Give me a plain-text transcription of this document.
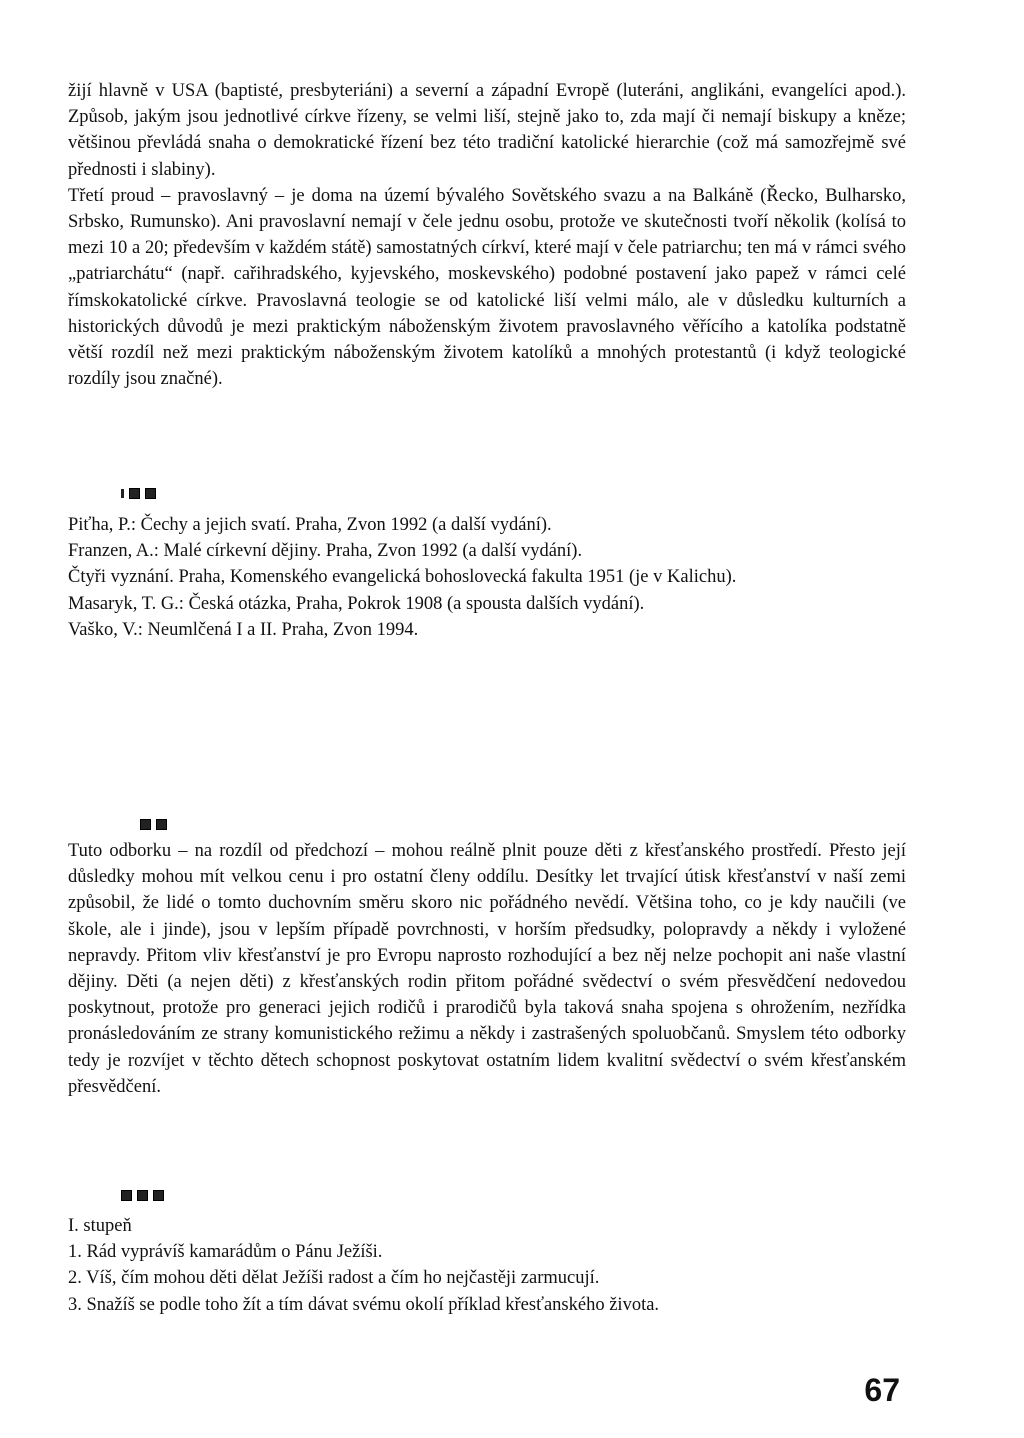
žijí hlavně v USA (baptisté, presbyteriáni) a severní a západní Evropě (luteráni, anglikáni, evangelíci apod.). Způsob, jakým jsou jednotlivé církve řízeny, se velmi liší, stejně jako to, zda mají či nemají biskupy a kněze; většinou převládá snaha o demokratické řízení bez této tradiční katolické hierarchie (což má samozřejmě své přednosti i slabiny).

Třetí proud – pravoslavný – je doma na území bývalého Sovětského svazu a na Balkáně (Řecko, Bulharsko, Srbsko, Rumunsko). Ani pravoslavní nemají v čele jednu osobu, protože ve skutečnosti tvoří několik (kolísá to mezi 10 a 20; především v každém státě) samostatných církví, které mají v čele patriarchu; ten má v rámci svého „patriarchátu“ (např. cařihradského, kyjevského, moskevského) podobné postavení jako papež v rámci celé římskokatolické církve. Pravoslavná teologie se od katolické liší velmi málo, ale v důsledku kulturních a historických důvodů je mezi praktickým náboženským životem pravoslavného věřícího a katolíka podstatně větší rozdíl než mezi praktickým náboženským životem katolíků a mnohých protestantů (i když teologické rozdíly jsou značné).

Piťha, P.: Čechy a jejich svatí. Praha, Zvon 1992 (a další vydání).

Franzen, A.: Malé církevní dějiny. Praha, Zvon 1992 (a další vydání).

Čtyři vyznání. Praha, Komenského evangelická bohoslovecká fakulta 1951 (je v Kalichu).

Masaryk, T. G.: Česká otázka, Praha, Pokrok 1908 (a spousta dalších vydání).

Vaško, V.: Neumlčená I a II. Praha, Zvon 1994.

Tuto odborku – na rozdíl od předchozí – mohou reálně plnit pouze děti z křesťanského prostředí. Přesto její důsledky mohou mít velkou cenu i pro ostatní členy oddílu. Desítky let trvající útisk křesťanství v naší zemi způsobil, že lidé o tomto duchovním směru skoro nic pořádného nevědí. Většina toho, co je kdy naučili (ve škole, ale i jinde), jsou v lepším případě povrchnosti, v horším předsudky, polopravdy a někdy i vyložené nepravdy. Přitom vliv křesťanství je pro Evropu naprosto rozhodující a bez něj nelze pochopit ani naše vlastní dějiny. Děti (a nejen děti) z křesťanských rodin přitom pořádné svědectví o svém přesvědčení nedovedou poskytnout, protože pro generaci jejich rodičů i prarodičů byla taková snaha spojena s ohrožením, nezřídka pronásledováním ze strany komunistického režimu a někdy i zastrašených spoluobčanů. Smyslem této odborky tedy je rozvíjet v těchto dětech schopnost poskytovat ostatním lidem kvalitní svědectví o svém křesťanském přesvědčení.

I. stupeň

1. Rád vyprávíš kamarádům o Pánu Ježíši.

2. Víš, čím mohou děti dělat Ježíši radost a čím ho nejčastěji zarmucují.

3. Snažíš se podle toho žít a tím dávat svému okolí příklad křesťanského života.

67
